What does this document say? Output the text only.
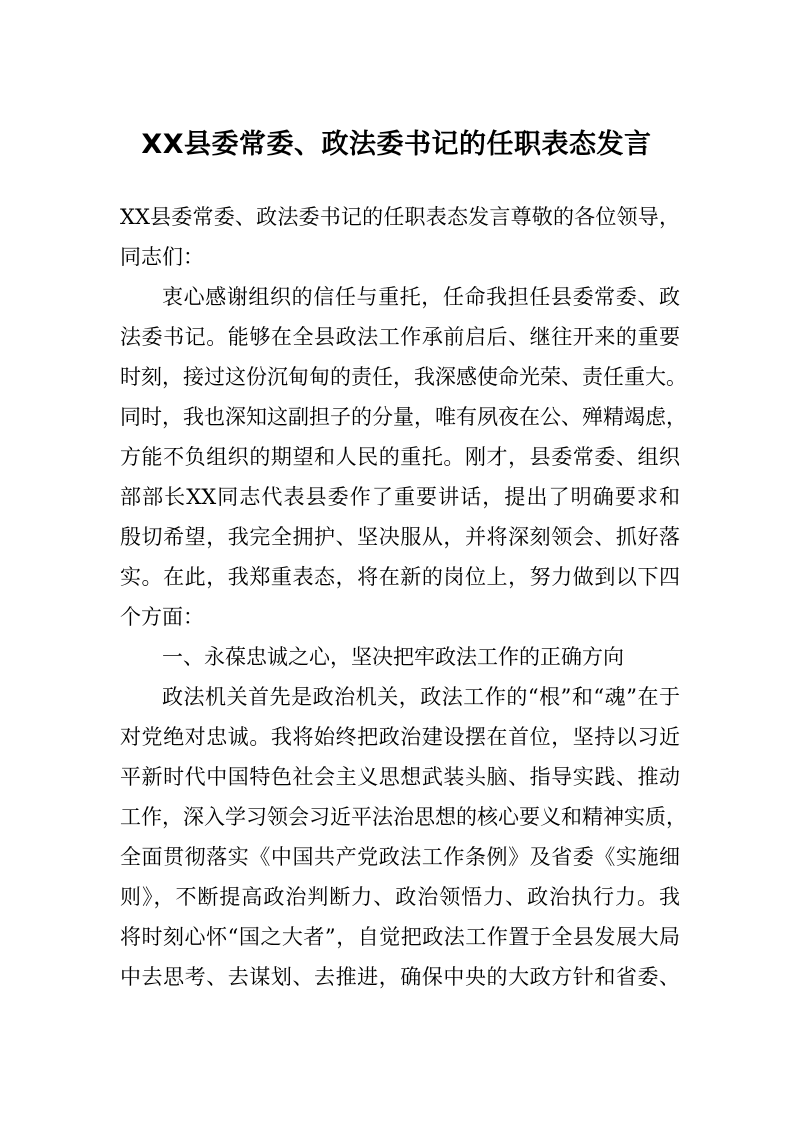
XX县委常委、政法委书记的任职表态发言
XX县委常委、政法委书记的任职表态发言尊敬的各位领导，
同志们：
衷心感谢组织的信任与重托，任命我担任县委常委、政
法委书记。能够在全县政法工作承前启后、继往开来的重要
时刻，接过这份沉甸甸的责任，我深感使命光荣、责任重大。
同时，我也深知这副担子的分量，唯有夙夜在公、殚精竭虑，
方能不负组织的期望和人民的重托。刚才，县委常委、组织
部部长XX同志代表县委作了重要讲话，提出了明确要求和
殷切希望，我完全拥护、坚决服从，并将深刻领会、抓好落
实。在此，我郑重表态，将在新的岗位上，努力做到以下四
个方面：
一、永葆忠诚之心，坚决把牢政法工作的正确方向
政法机关首先是政治机关，政法工作的“根”和“魂”在于
对党绝对忠诚。我将始终把政治建设摆在首位，坚持以习近
平新时代中国特色社会主义思想武装头脑、指导实践、推动
工作，深入学习领会习近平法治思想的核心要义和精神实质，
全面贯彻落实《中国共产党政法工作条例》及省委《实施细
则》，不断提高政治判断力、政治领悟力、政治执行力。我
将时刻心怀“国之大者”，自觉把政法工作置于全县发展大局
中去思考、去谋划、去推进，确保中央的大政方针和省委、
